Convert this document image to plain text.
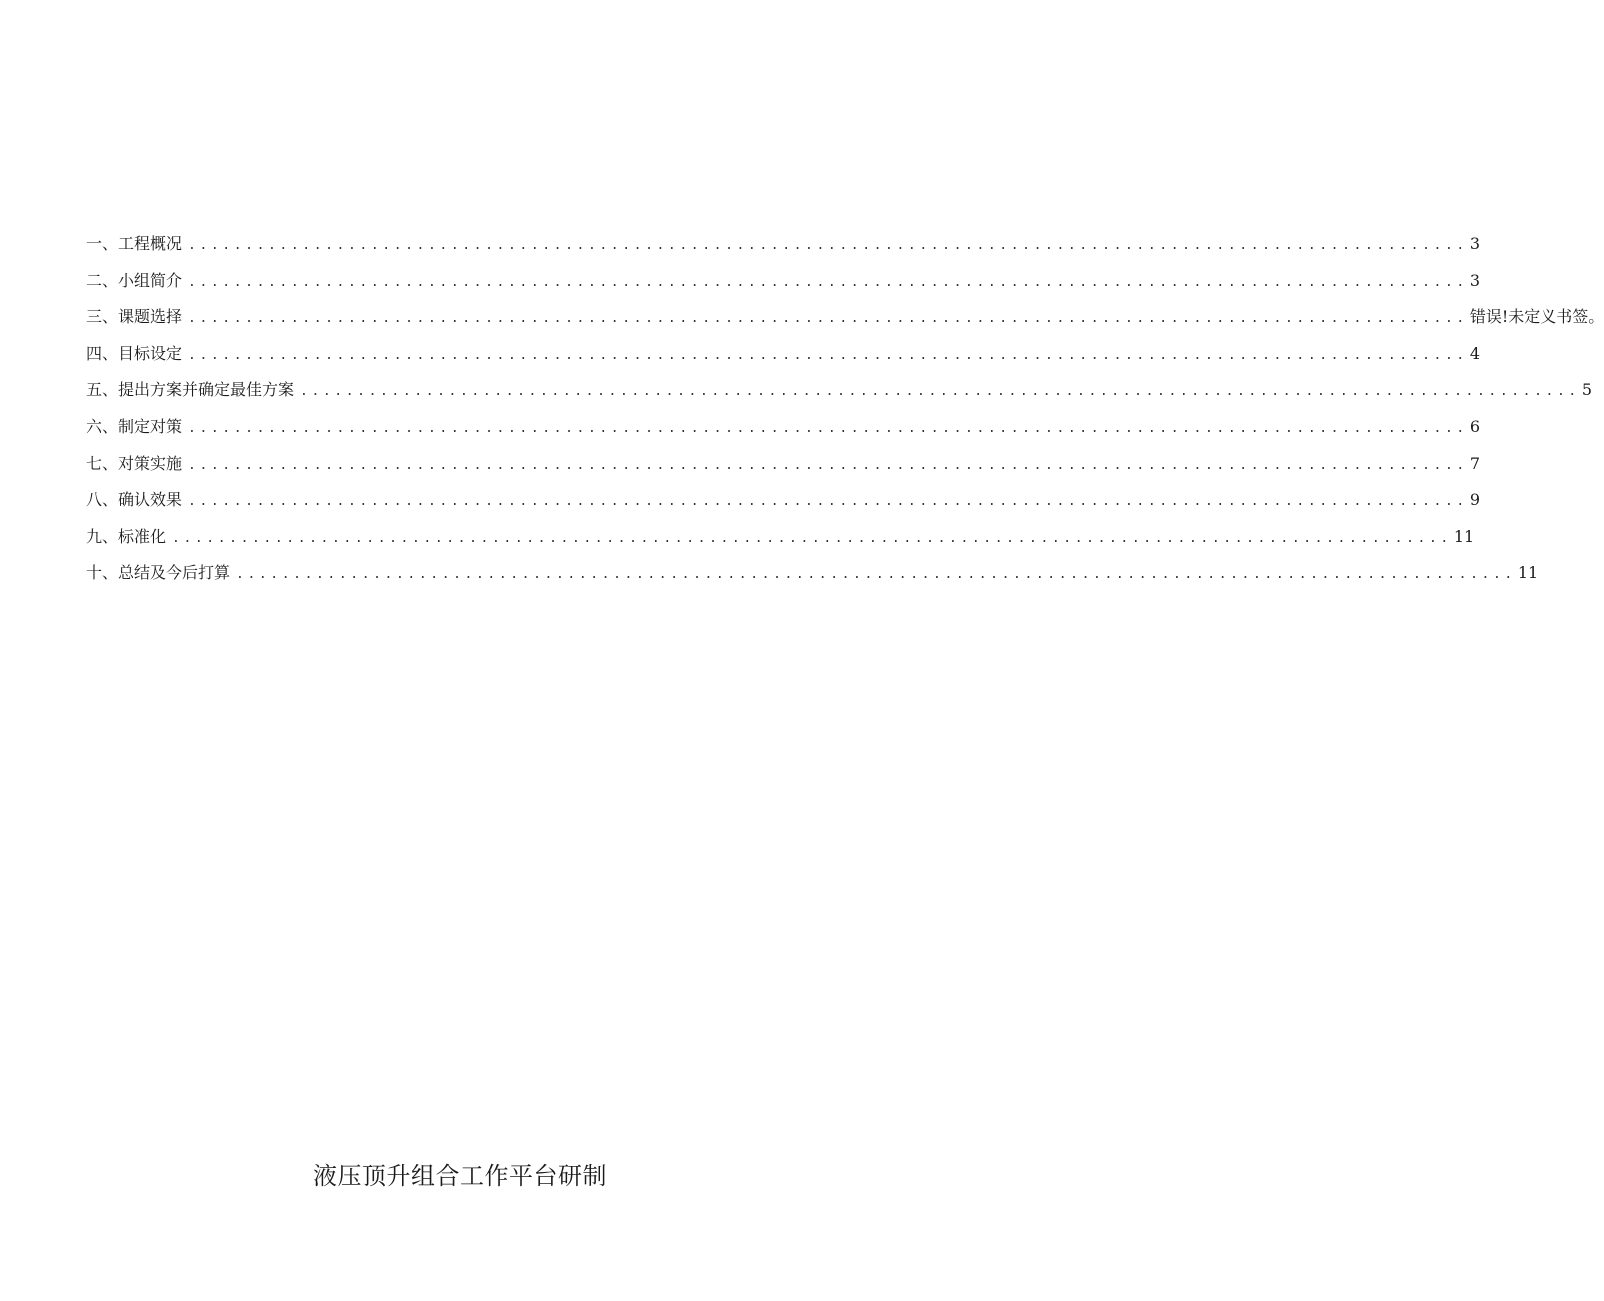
一、工程概况 ................................................................................................................ 3
二、小组简介 ................................................................................................................ 3
三、课题选择 ................................................................................................................ 错误!未定义书签。
四、目标设定 ................................................................................................................ 4
五、提出方案并确定最佳方案 ................................................................................................................ 5
六、制定对策 ................................................................................................................ 6
七、对策实施 ................................................................................................................ 7
八、确认效果 ................................................................................................................ 9
九、标准化 ................................................................................................................ 11
十、总结及今后打算 ................................................................................................................ 11
液压顶升组合工作平台研制
